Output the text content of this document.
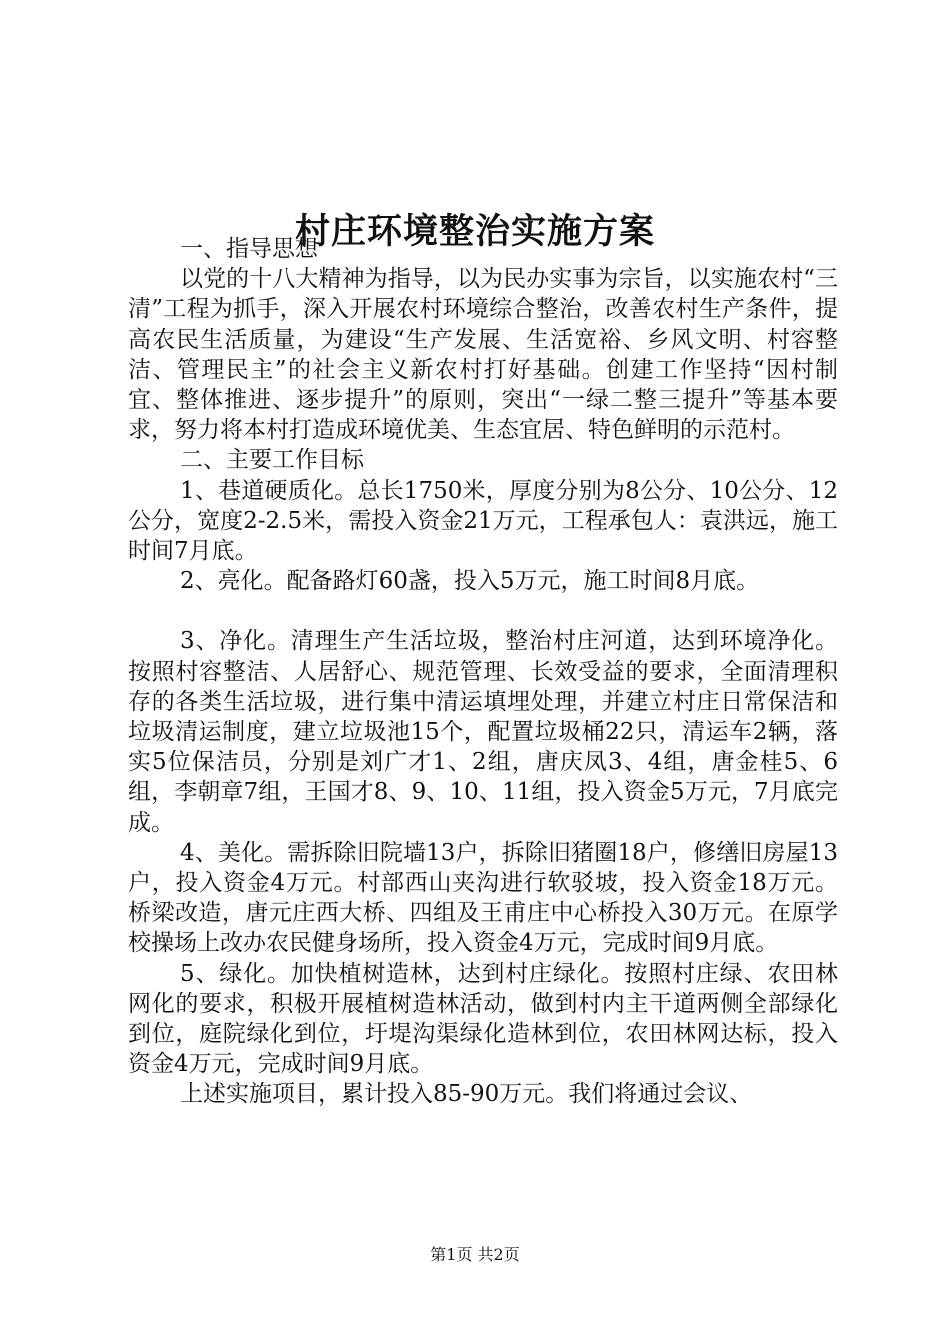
村庄环境整治实施方案

一、指导思想

以党的十八大精神为指导，以为民办实事为宗旨，以实施农村“三清”工程为抓手，深入开展农村环境综合整治，改善农村生产条件，提高农民生活质量，为建设“生产发展、生活宽裕、乡风文明、村容整洁、管理民主”的社会主义新农村打好基础。创建工作坚持“因村制宜、整体推进、逐步提升”的原则，突出“一绿二整三提升”等基本要求，努力将本村打造成环境优美、生态宜居、特色鲜明的示范村。

二、主要工作目标

1、巷道硬质化。总长1750米，厚度分别为8公分、10公分、12公分，宽度2-2.5米，需投入资金21万元，工程承包人：袁洪远，施工时间7月底。

2、亮化。配备路灯60盏，投入5万元，施工时间8月底。

3、净化。清理生产生活垃圾，整治村庄河道，达到环境净化。按照村容整洁、人居舒心、规范管理、长效受益的要求，全面清理积存的各类生活垃圾，进行集中清运填埋处理，并建立村庄日常保洁和垃圾清运制度，建立垃圾池15个，配置垃圾桶22只，清运车2辆，落实5位保洁员，分别是刘广才1、2组，唐庆凤3、4组，唐金桂5、6组，李朝章7组，王国才8、9、10、11组，投入资金5万元，7月底完成。

4、美化。需拆除旧院墙13户，拆除旧猪圈18户，修缮旧房屋13户，投入资金4万元。村部西山夹沟进行软驳坡，投入资金18万元。桥梁改造，唐元庄西大桥、四组及王甫庄中心桥投入30万元。在原学校操场上改办农民健身场所，投入资金4万元，完成时间9月底。

5、绿化。加快植树造林，达到村庄绿化。按照村庄绿、农田林网化的要求，积极开展植树造林活动，做到村内主干道两侧全部绿化到位，庭院绿化到位，圩堤沟渠绿化造林到位，农田林网达标，投入资金4万元，完成时间9月底。

上述实施项目，累计投入85-90万元。我们将通过会议、

第1页 共2页
